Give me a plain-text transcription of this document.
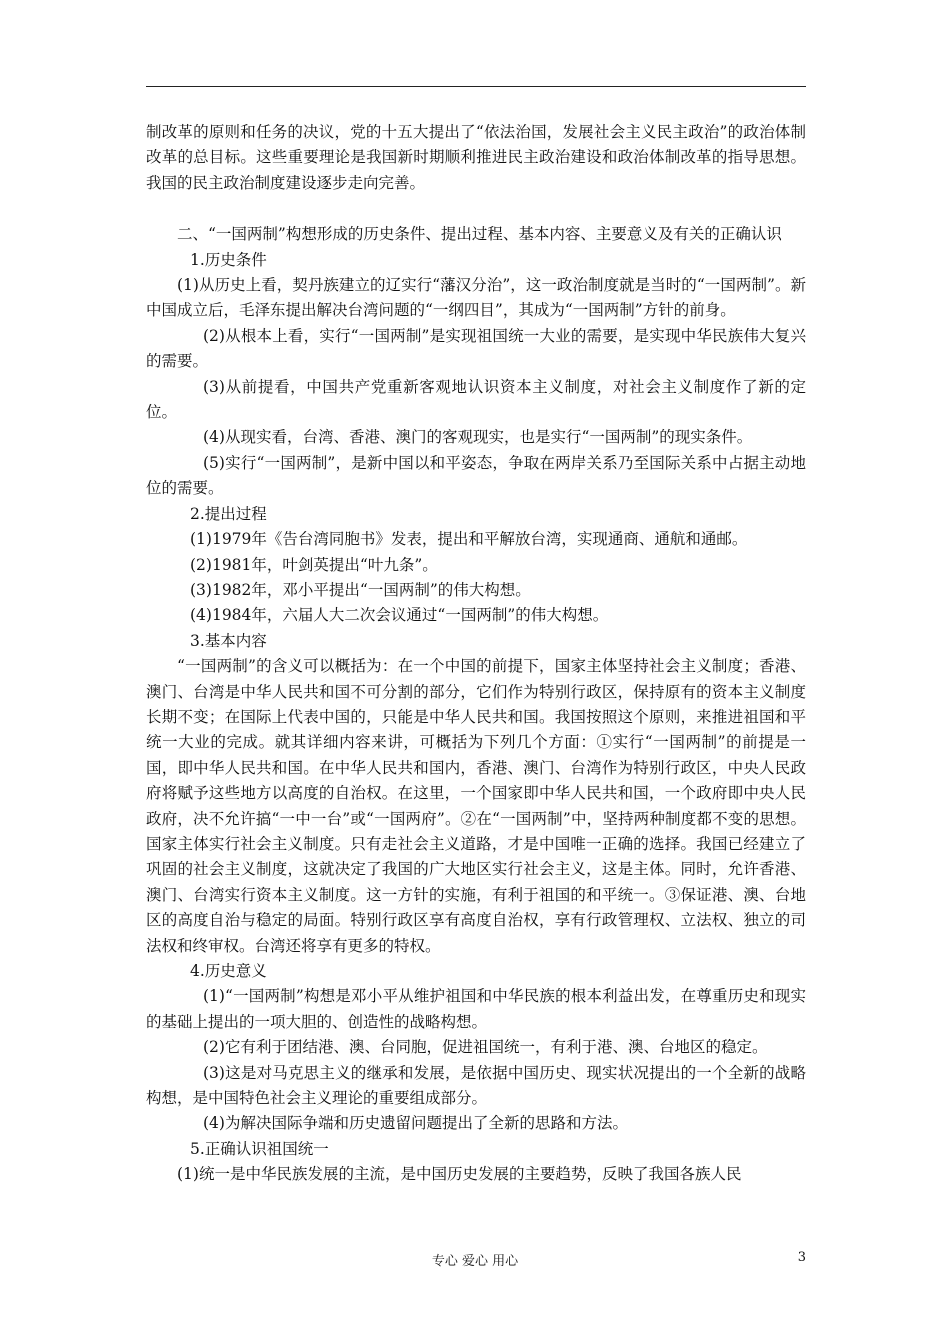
制改革的原则和任务的决议，党的十五大提出了“依法治国，发展社会主义民主政治”的政治体制改革的总目标。这些重要理论是我国新时期顺利推进民主政治建设和政治体制改革的指导思想。我国的民主政治制度建设逐步走向完善。

二、“一国两制”构想形成的历史条件、提出过程、基本内容、主要意义及有关的正确认识

1.历史条件

(1)从历史上看，契丹族建立的辽实行“藩汉分治”，这一政治制度就是当时的“一国两制”。新中国成立后，毛泽东提出解决台湾问题的“一纲四目”，其成为“一国两制”方针的前身。

(2)从根本上看，实行“一国两制”是实现祖国统一大业的需要，是实现中华民族伟大复兴的需要。

(3)从前提看，中国共产党重新客观地认识资本主义制度，对社会主义制度作了新的定位。

(4)从现实看，台湾、香港、澳门的客观现实，也是实行“一国两制”的现实条件。

(5)实行“一国两制”，是新中国以和平姿态，争取在两岸关系乃至国际关系中占据主动地位的需要。

2.提出过程

(1)1979年《告台湾同胞书》发表，提出和平解放台湾，实现通商、通航和通邮。

(2)1981年，叶剑英提出“叶九条”。

(3)1982年，邓小平提出“一国两制”的伟大构想。

(4)1984年，六届人大二次会议通过“一国两制”的伟大构想。

3.基本内容

“一国两制”的含义可以概括为：在一个中国的前提下，国家主体坚持社会主义制度；香港、澳门、台湾是中华人民共和国不可分割的部分，它们作为特别行政区，保持原有的资本主义制度长期不变；在国际上代表中国的，只能是中华人民共和国。我国按照这个原则，来推进祖国和平统一大业的完成。就其详细内容来讲，可概括为下列几个方面：①实行“一国两制”的前提是一国，即中华人民共和国。在中华人民共和国内，香港、澳门、台湾作为特别行政区，中央人民政府将赋予这些地方以高度的自治权。在这里，一个国家即中华人民共和国，一个政府即中央人民政府，决不允许搞“一中一台”或“一国两府”。②在“一国两制”中，坚持两种制度都不变的思想。国家主体实行社会主义制度。只有走社会主义道路，才是中国唯一正确的选择。我国已经建立了巩固的社会主义制度，这就决定了我国的广大地区实行社会主义，这是主体。同时，允许香港、澳门、台湾实行资本主义制度。这一方针的实施，有利于祖国的和平统一。③保证港、澳、台地区的高度自治与稳定的局面。特别行政区享有高度自治权，享有行政管理权、立法权、独立的司法权和终审权。台湾还将享有更多的特权。

4.历史意义

(1)“一国两制”构想是邓小平从维护祖国和中华民族的根本利益出发，在尊重历史和现实的基础上提出的一项大胆的、创造性的战略构想。

(2)它有利于团结港、澳、台同胞，促进祖国统一，有利于港、澳、台地区的稳定。

(3)这是对马克思主义的继承和发展，是依据中国历史、现实状况提出的一个全新的战略构想，是中国特色社会主义理论的重要组成部分。

(4)为解决国际争端和历史遗留问题提出了全新的思路和方法。

5.正确认识祖国统一

(1)统一是中华民族发展的主流，是中国历史发展的主要趋势，反映了我国各族人民

专心 爱心 用心	3
